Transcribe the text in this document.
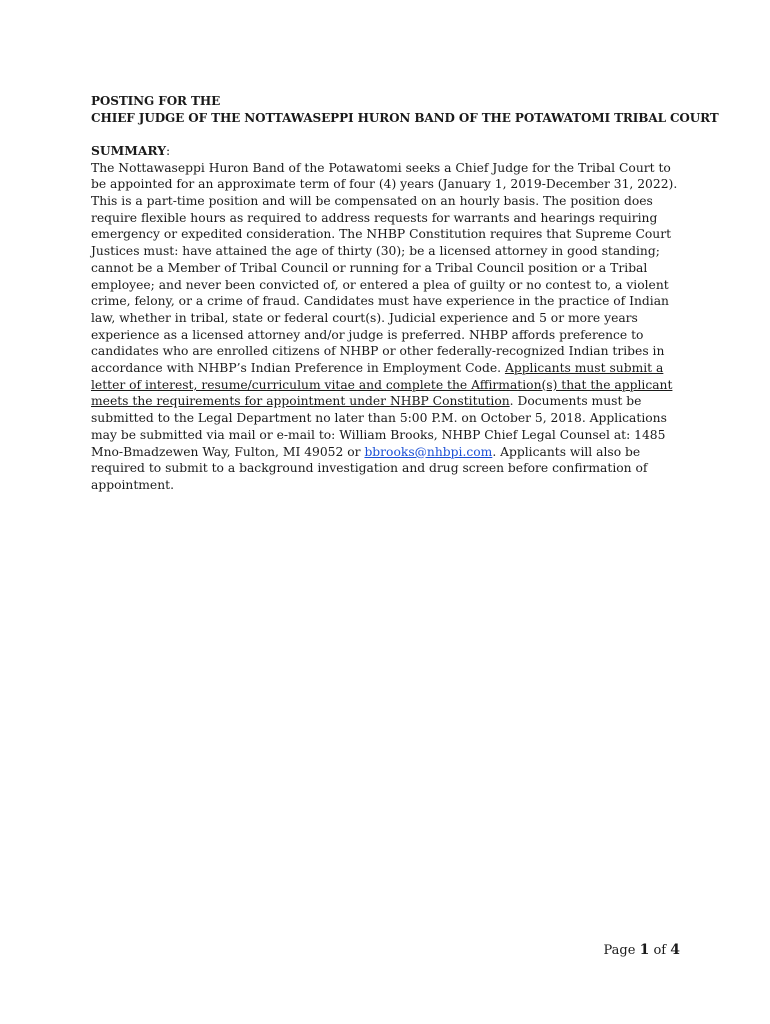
POSTING FOR THE
CHIEF JUDGE OF THE NOTTAWASEPPI HURON BAND OF THE POTAWATOMI TRIBAL COURT
SUMMARY:

The Nottawaseppi Huron Band of the Potawatomi seeks a Chief Judge for the Tribal Court to be appointed for an approximate term of four (4) years (January 1, 2019-December 31, 2022). This is a part-time position and will be compensated on an hourly basis. The position does require flexible hours as required to address requests for warrants and hearings requiring emergency or expedited consideration. The NHBP Constitution requires that Supreme Court Justices must: have attained the age of thirty (30); be a licensed attorney in good standing; cannot be a Member of Tribal Council or running for a Tribal Council position or a Tribal employee; and never been convicted of, or entered a plea of guilty or no contest to, a violent crime, felony, or a crime of fraud. Candidates must have experience in the practice of Indian law, whether in tribal, state or federal court(s). Judicial experience and 5 or more years experience as a licensed attorney and/or judge is preferred. NHBP affords preference to candidates who are enrolled citizens of NHBP or other federally-recognized Indian tribes in accordance with NHBP’s Indian Preference in Employment Code. Applicants must submit a letter of interest, resume/curriculum vitae and complete the Affirmation(s) that the applicant meets the requirements for appointment under NHBP Constitution. Documents must be submitted to the Legal Department no later than 5:00 P.M. on October 5, 2018. Applications may be submitted via mail or e-mail to: William Brooks, NHBP Chief Legal Counsel at: 1485 Mno-Bmadzewen Way, Fulton, MI 49052 or bbrooks@nhbpi.com. Applicants will also be required to submit to a background investigation and drug screen before confirmation of appointment.

Page 1 of 4
